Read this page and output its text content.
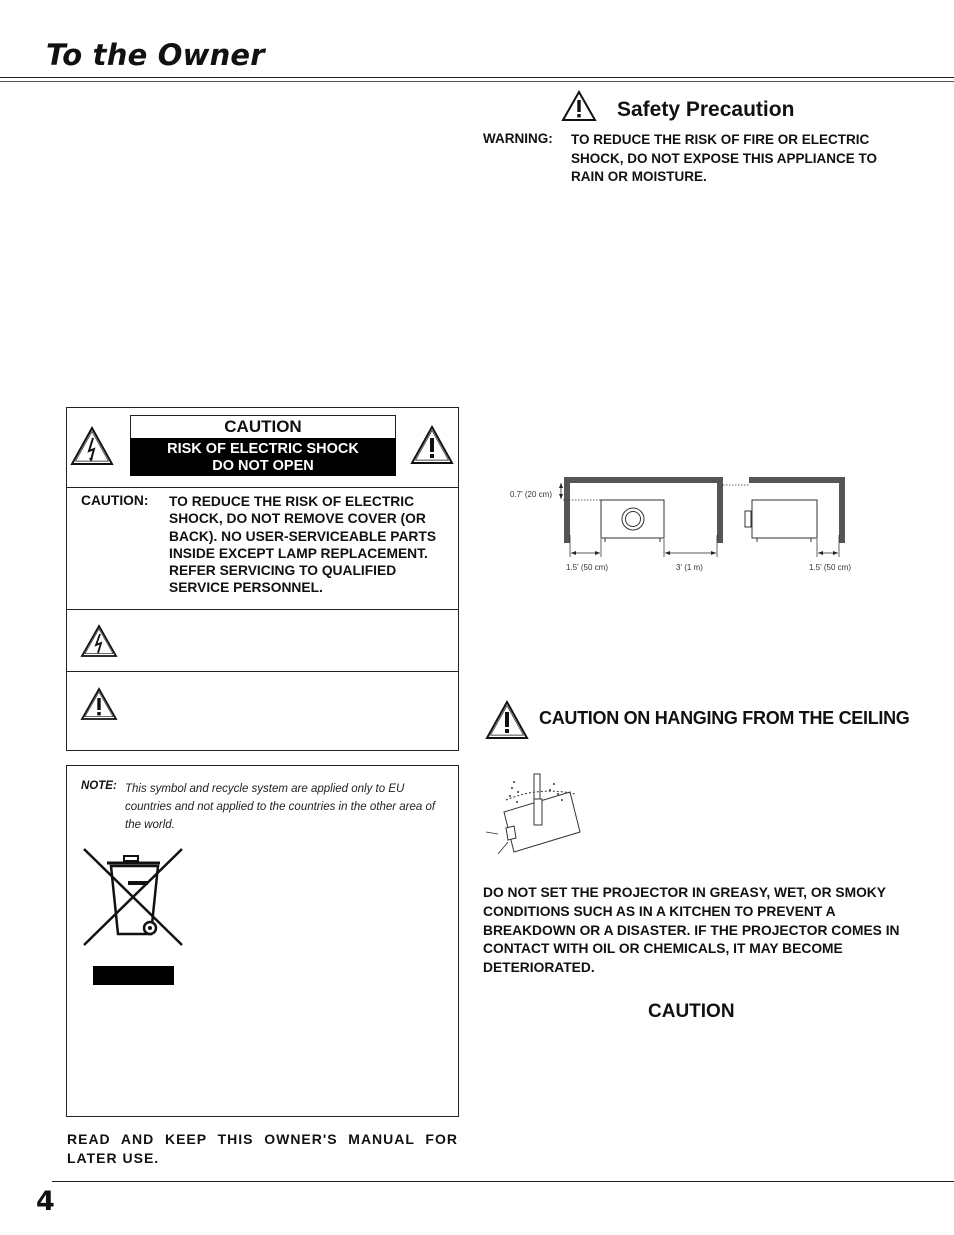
To the Owner
Safety Precaution
WARNING: TO REDUCE THE RISK OF FIRE OR ELECTRIC SHOCK, DO NOT EXPOSE THIS APPLIANCE TO RAIN OR MOISTURE.
CAUTION
RISK OF ELECTRIC SHOCK
DO NOT OPEN
CAUTION: TO REDUCE THE RISK OF ELECTRIC SHOCK, DO NOT REMOVE COVER (OR BACK). NO USER-SERVICEABLE PARTS INSIDE EXCEPT LAMP REPLACEMENT. REFER SERVICING TO QUALIFIED SERVICE PERSONNEL.
NOTE: This symbol and recycle system are applied only to EU countries and not applied to the countries in the other area of the world.
READ AND KEEP THIS OWNER'S MANUAL FOR LATER USE.
0.7' (20 cm)
1.5' (50 cm)	3' (1 m)	1.5' (50 cm)
CAUTION ON HANGING FROM THE CEILING
DO NOT SET THE PROJECTOR IN GREASY, WET, OR SMOKY CONDITIONS SUCH AS IN A KITCHEN TO PREVENT A BREAKDOWN OR A DISASTER. IF THE PROJECTOR COMES IN CONTACT WITH OIL OR CHEMICALS, IT MAY BECOME DETERIORATED.
CAUTION
4
